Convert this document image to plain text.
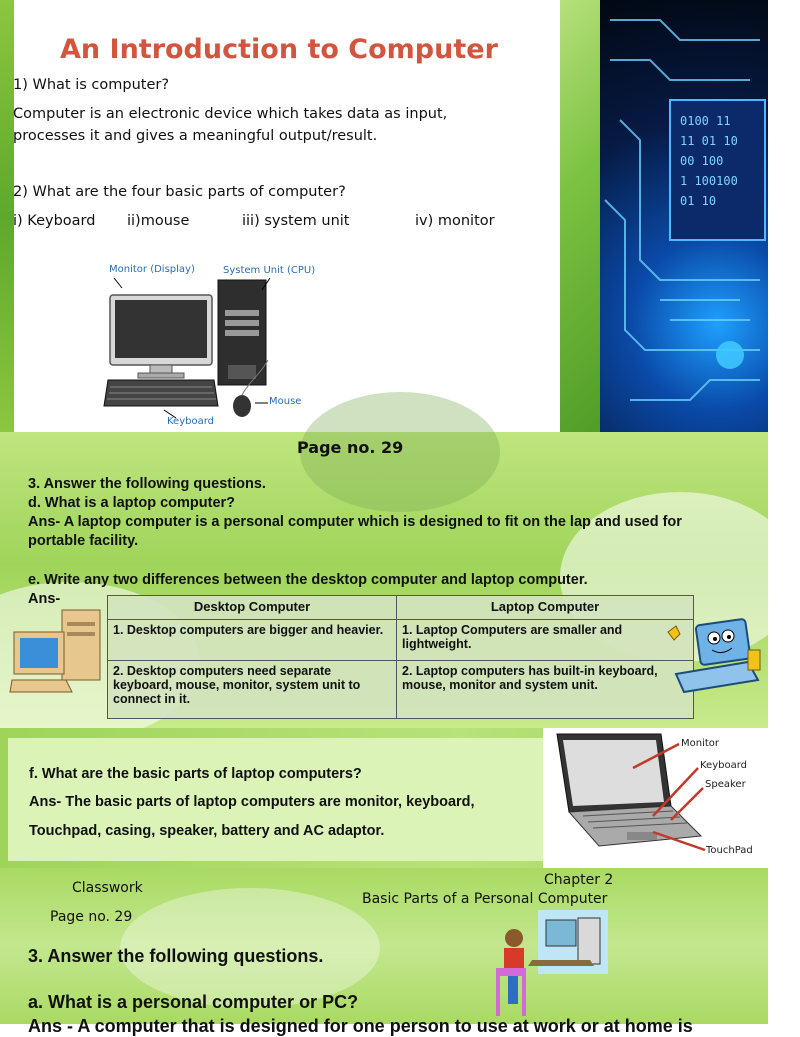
0100 11
11 01 10
00 100
1 100100
01 10
An Introduction to Computer

1) What is computer?

Computer is an electronic device which takes data as input,

processes it and gives a meaningful output/result.

2) What are the four basic parts of computer?

i) Keyboard ii)mouse	iii) system unit	iv) monitor
Monitor (Display)	System Unit (CPU)
Mouse
Keyboard

Page no. 29

3. Answer the following questions.

d. What is a laptop computer?

Ans- A laptop computer is a personal computer which is designed to fit on the lap and used for

portable facility.

e. Write any two differences between the desktop computer and laptop computer.

Ans-	Desktop Computer	Laptop Computer
1. Desktop computers are bigger and heavier.	1. Laptop Computers are smaller and lightweight.
2. Desktop computers need separate keyboard, mouse, monitor, system unit to connect in it.	2. Laptop computers has built-in keyboard, mouse, monitor and system unit.

f. What are the basic parts of laptop computers?

Ans- The basic parts of laptop computers are monitor, keyboard,

Touchpad, casing, speaker, battery and AC adaptor.

Monitor
Keyboard
Speaker
TouchPad

Classwork	Chapter 2

Basic Parts of a Personal Computer

Page no. 29

3. Answer the following questions.

a. What is a personal computer or PC?

Ans - A computer that is designed for one person to use at work or at home is
